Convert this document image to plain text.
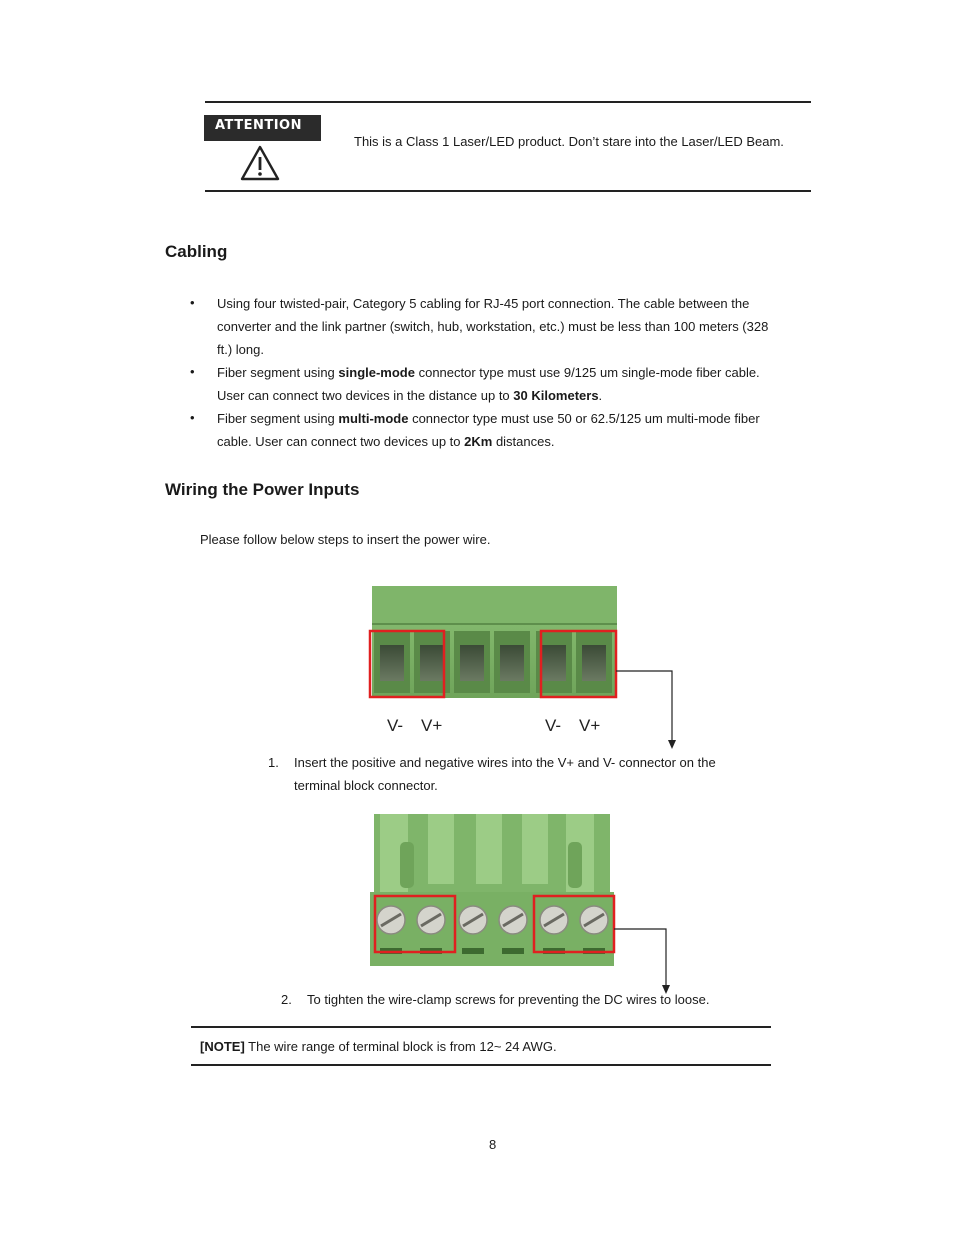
ATTENTION
This is a Class 1 Laser/LED product. Don’t stare into the Laser/LED Beam.
Cabling
• Using four twisted-pair, Category 5 cabling for RJ-45 port connection. The cable between the
converter and the link partner (switch, hub, workstation, etc.) must be less than 100 meters (328
ft.) long.
• Fiber segment using single-mode connector type must use 9/125 um single-mode fiber cable.
User can connect two devices in the distance up to 30 Kilometers.
• Fiber segment using multi-mode connector type must use 50 or 62.5/125 um multi-mode fiber
cable. User can connect two devices up to 2Km distances.
Wiring the Power Inputs
Please follow below steps to insert the power wire.
V- V+	V- V+
1. Insert the positive and negative wires into the V+ and V- connector on the
terminal block connector.
2. To tighten the wire-clamp screws for preventing the DC wires to loose.
[NOTE] The wire range of terminal block is from 12~ 24 AWG.
8
